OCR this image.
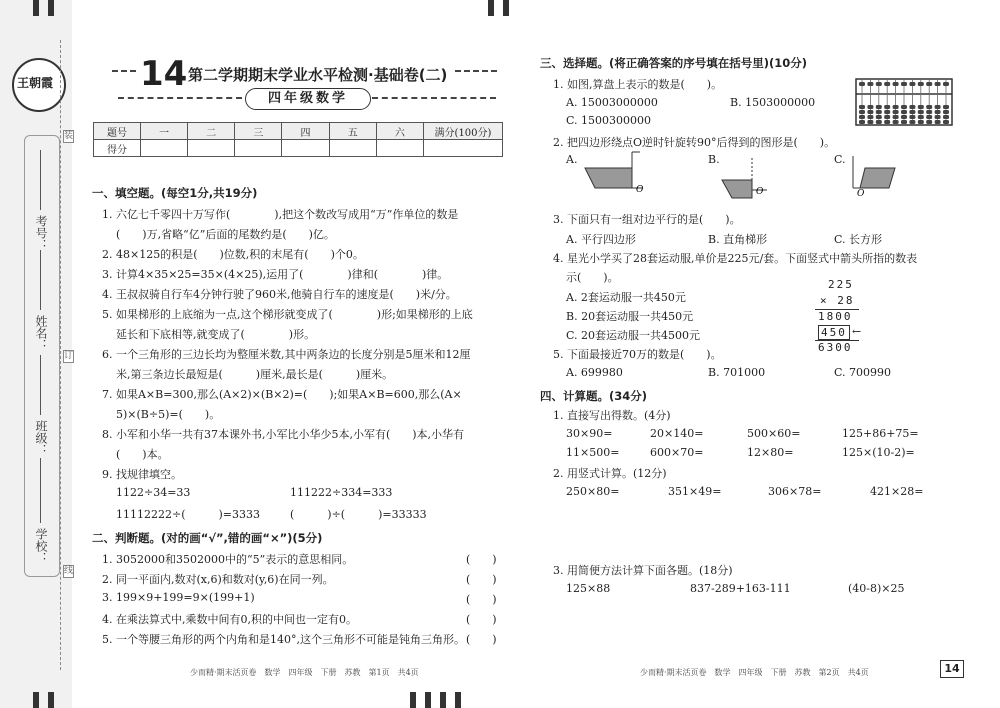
王朝霞
装
订
线
考号：
姓名：
班级：
学校：
14 第二学期期末学业水平检测·基础卷(二)
四年级数学
题号	一	二	三	四	五	六	满分(100分)
得分							
一、填空题。(每空1分,共19分)
1. 六亿七千零四十万写作(　　　　),把这个数改写成用“万”作单位的数是
(　　)万,省略“亿”后面的尾数约是(　　)亿。
2. 48×125的积是(　　)位数,积的末尾有(　　)个0。
3. 计算4×35×25=35×(4×25),运用了(　　　　)律和(　　　　)律。
4. 王叔叔骑自行车4分钟行驶了960米,他骑自行车的速度是(　　)米/分。
5. 如果梯形的上底缩为一点,这个梯形就变成了(　　　　)形;如果梯形的上底
延长和下底相等,就变成了(　　　　)形。
6. 一个三角形的三边长均为整厘米数,其中两条边的长度分别是5厘米和12厘
米,第三条边长最短是(　　　)厘米,最长是(　　　)厘米。
7. 如果A×B=300,那么(A×2)×(B×2)=(　　);如果A×B=600,那么(A×
5)×(B÷5)=(　　)。
8. 小军和小华一共有37本课外书,小军比小华少5本,小军有(　　)本,小华有
(　　)本。
9. 找规律填空。
1122÷34=33	111222÷334=333
11112222÷(　　　)=3333	(　　　)÷(　　　)=33333
二、判断题。(对的画“√”,错的画“×”)(5分)
1. 3052000和3502000中的“5”表示的意思相同。	(　　)
2. 同一平面内,数对(x,6)和数对(y,6)在同一列。	(　　)
3. 199×9+199=9×(199+1)	(　　)
4. 在乘法算式中,乘数中间有0,积的中间也一定有0。	(　　)
5. 一个等腰三角形的两个内角和是140°,这个三角形不可能是钝角三角形。 (　　)
少而精·期末活页卷　数学　四年级　下册　苏教　第1页　共4页
三、选择题。(将正确答案的序号填在括号里)(10分)
1. 如图,算盘上表示的数是(　　)。
A. 15003000000	B. 1503000000
C. 1500300000
2. 把四边形绕点O逆时针旋转90°后得到的图形是(　　)。
A.	B.	C.
O	O	O
3. 下面只有一组对边平行的是(　　)。
A. 平行四边形	B. 直角梯形	C. 长方形
4. 星光小学买了28套运动服,单价是225元/套。下面竖式中箭头所指的数表
示(　　)。
A. 2套运动服一共450元
B. 20套运动服一共450元
C. 20套运动服一共4500元
225
× 28
1800
450 ←
6300
5. 下面最接近70万的数是(　　)。
A. 699980	B. 701000	C. 700990
四、计算题。(34分)
1. 直接写出得数。(4分)
30×90=	20×140=	500×60=	125+86+75=
11×500=	600×70=	12×80=	125×(10-2)=
2. 用竖式计算。(12分)
250×80=	351×49=	306×78=	421×28=
3. 用简便方法计算下面各题。(18分)
125×88	837-289+163-111	(40-8)×25
少而精·期末活页卷　数学　四年级　下册　苏教　第2页　共4页	14
